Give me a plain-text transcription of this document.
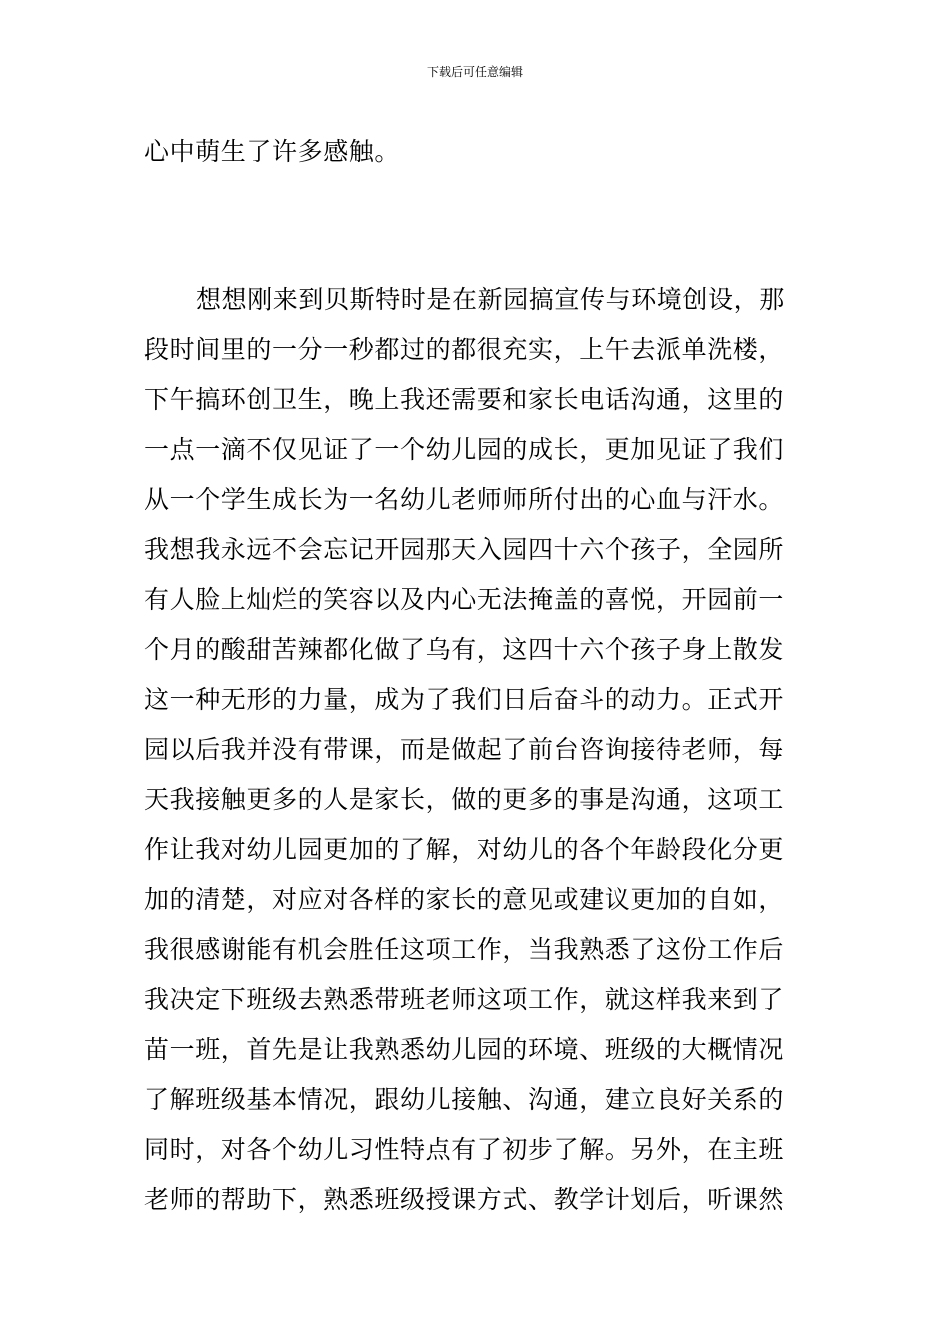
下载后可任意编辑
心中萌生了许多感触。
想想刚来到贝斯特时是在新园搞宣传与环境创设，那
段时间里的一分一秒都过的都很充实，上午去派单洗楼，
下午搞环创卫生，晚上我还需要和家长电话沟通，这里的
一点一滴不仅见证了一个幼儿园的成长，更加见证了我们
从一个学生成长为一名幼儿老师师所付出的心血与汗水。
我想我永远不会忘记开园那天入园四十六个孩子，全园所
有人脸上灿烂的笑容以及内心无法掩盖的喜悦，开园前一
个月的酸甜苦辣都化做了乌有，这四十六个孩子身上散发
这一种无形的力量，成为了我们日后奋斗的动力。正式开
园以后我并没有带课，而是做起了前台咨询接待老师，每
天我接触更多的人是家长，做的更多的事是沟通，这项工
作让我对幼儿园更加的了解，对幼儿的各个年龄段化分更
加的清楚，对应对各样的家长的意见或建议更加的自如，
我很感谢能有机会胜任这项工作，当我熟悉了这份工作后
我决定下班级去熟悉带班老师这项工作，就这样我来到了
苗一班，首先是让我熟悉幼儿园的环境、班级的大概情况
了解班级基本情况，跟幼儿接触、沟通，建立良好关系的
同时，对各个幼儿习性特点有了初步了解。另外，在主班
老师的帮助下，熟悉班级授课方式、教学计划后，听课然
